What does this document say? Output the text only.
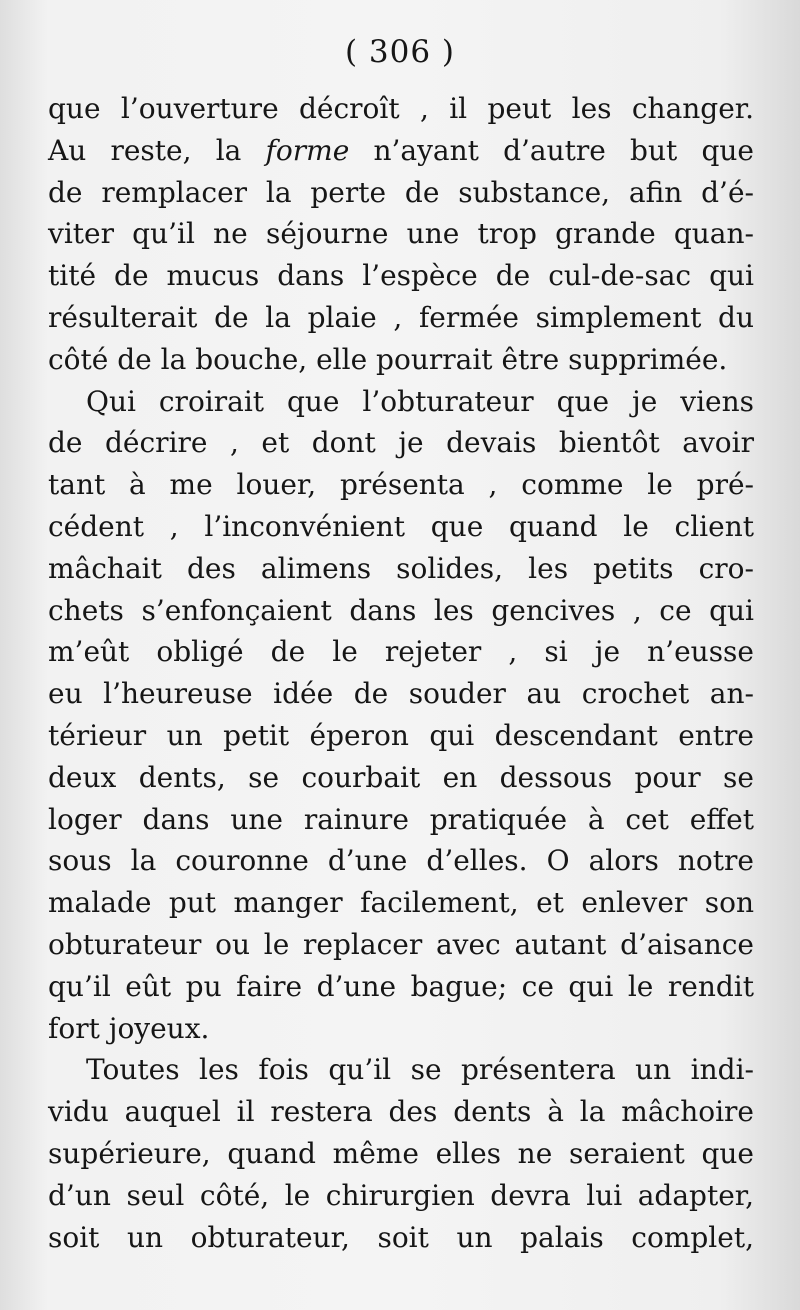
( 306 )
que l’ouverture décroît , il peut les changer.
Au reste, la forme n’ayant d’autre but que
de remplacer la perte de substance, afin d’é-
viter qu’il ne séjourne une trop grande quan-
tité de mucus dans l’espèce de cul-de-sac qui
résulterait de la plaie , fermée simplement du
côté de la bouche, elle pourrait être supprimée.
Qui croirait que l’obturateur que je viens
de décrire , et dont je devais bientôt avoir
tant à me louer, présenta , comme le pré-
cédent , l’inconvénient que quand le client
mâchait des alimens solides, les petits cro-
chets s’enfonçaient dans les gencives , ce qui
m’eût obligé de le rejeter , si je n’eusse
eu l’heureuse idée de souder au crochet an-
térieur un petit éperon qui descendant entre
deux dents, se courbait en dessous pour se
loger dans une rainure pratiquée à cet effet
sous la couronne d’une d’elles. O alors notre
malade put manger facilement, et enlever son
obturateur ou le replacer avec autant d’aisance
qu’il eût pu faire d’une bague; ce qui le rendit
fort joyeux.
Toutes les fois qu’il se présentera un indi-
vidu auquel il restera des dents à la mâchoire
supérieure, quand même elles ne seraient que
d’un seul côté, le chirurgien devra lui adapter,
soit un obturateur, soit un palais complet,
